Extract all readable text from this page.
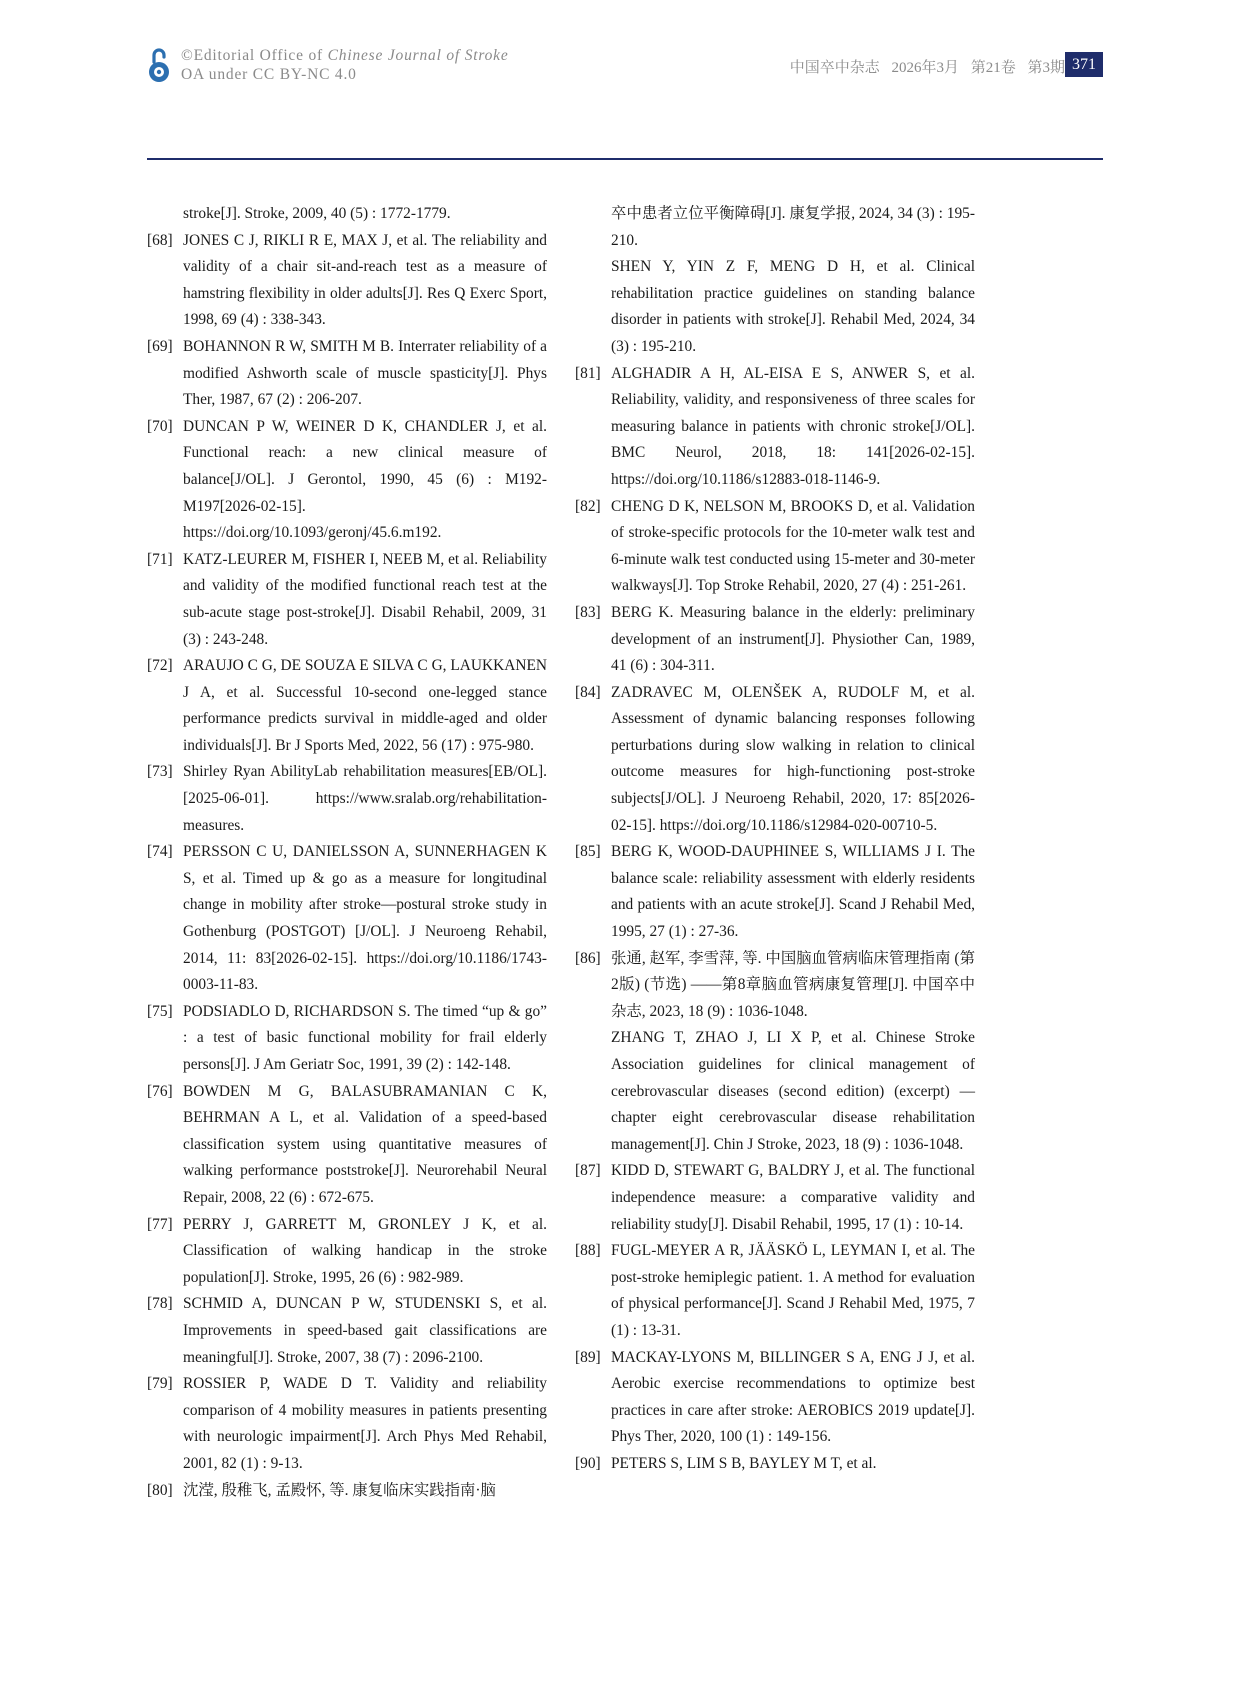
©Editorial Office of Chinese Journal of Stroke
OA under CC BY-NC 4.0	中国卒中杂志 2026年3月 第21卷 第3期 371
stroke[J]. Stroke, 2009, 40 (5) : 1772-1779.
[68] JONES C J, RIKLI R E, MAX J, et al. The reliability and validity of a chair sit-and-reach test as a measure of hamstring flexibility in older adults[J]. Res Q Exerc Sport, 1998, 69 (4) : 338-343.
[69] BOHANNON R W, SMITH M B. Interrater reliability of a modified Ashworth scale of muscle spasticity[J]. Phys Ther, 1987, 67 (2) : 206-207.
[70] DUNCAN P W, WEINER D K, CHANDLER J, et al. Functional reach: a new clinical measure of balance[J/OL]. J Gerontol, 1990, 45 (6) : M192-M197[2026-02-15]. https://doi.org/10.1093/geronj/45.6.m192.
[71] KATZ-LEURER M, FISHER I, NEEB M, et al. Reliability and validity of the modified functional reach test at the sub-acute stage post-stroke[J]. Disabil Rehabil, 2009, 31 (3) : 243-248.
[72] ARAUJO C G, DE SOUZA E SILVA C G, LAUKKANEN J A, et al. Successful 10-second one-legged stance performance predicts survival in middle-aged and older individuals[J]. Br J Sports Med, 2022, 56 (17) : 975-980.
[73] Shirley Ryan AbilityLab rehabilitation measures[EB/OL]. [2025-06-01]. https://www.sralab.org/rehabilitation-measures.
[74] PERSSON C U, DANIELSSON A, SUNNERHAGEN K S, et al. Timed up & go as a measure for longitudinal change in mobility after stroke—postural stroke study in Gothenburg (POSTGOT) [J/OL]. J Neuroeng Rehabil, 2014, 11: 83[2026-02-15]. https://doi.org/10.1186/1743-0003-11-83.
[75] PODSIADLO D, RICHARDSON S. The timed “up & go” : a test of basic functional mobility for frail elderly persons[J]. J Am Geriatr Soc, 1991, 39 (2) : 142-148.
[76] BOWDEN M G, BALASUBRAMANIAN C K, BEHRMAN A L, et al. Validation of a speed-based classification system using quantitative measures of walking performance poststroke[J]. Neurorehabil Neural Repair, 2008, 22 (6) : 672-675.
[77] PERRY J, GARRETT M, GRONLEY J K, et al. Classification of walking handicap in the stroke population[J]. Stroke, 1995, 26 (6) : 982-989.
[78] SCHMID A, DUNCAN P W, STUDENSKI S, et al. Improvements in speed-based gait classifications are meaningful[J]. Stroke, 2007, 38 (7) : 2096-2100.
[79] ROSSIER P, WADE D T. Validity and reliability comparison of 4 mobility measures in patients presenting with neurologic impairment[J]. Arch Phys Med Rehabil, 2001, 82 (1) : 9-13.
[80] 沈滢, 殷稚飞, 孟殿怀, 等. 康复临床实践指南·脑
卒中患者立位平衡障碍[J]. 康复学报, 2024, 34 (3) : 195-210.
SHEN Y, YIN Z F, MENG D H, et al. Clinical rehabilitation practice guidelines on standing balance disorder in patients with stroke[J]. Rehabil Med, 2024, 34 (3) : 195-210.
[81] ALGHADIR A H, AL-EISA E S, ANWER S, et al. Reliability, validity, and responsiveness of three scales for measuring balance in patients with chronic stroke[J/OL]. BMC Neurol, 2018, 18: 141[2026-02-15]. https://doi.org/10.1186/s12883-018-1146-9.
[82] CHENG D K, NELSON M, BROOKS D, et al. Validation of stroke-specific protocols for the 10-meter walk test and 6-minute walk test conducted using 15-meter and 30-meter walkways[J]. Top Stroke Rehabil, 2020, 27 (4) : 251-261.
[83] BERG K. Measuring balance in the elderly: preliminary development of an instrument[J]. Physiother Can, 1989, 41 (6) : 304-311.
[84] ZADRAVEC M, OLENŠEK A, RUDOLF M, et al. Assessment of dynamic balancing responses following perturbations during slow walking in relation to clinical outcome measures for high-functioning post-stroke subjects[J/OL]. J Neuroeng Rehabil, 2020, 17: 85[2026-02-15]. https://doi.org/10.1186/s12984-020-00710-5.
[85] BERG K, WOOD-DAUPHINEE S, WILLIAMS J I. The balance scale: reliability assessment with elderly residents and patients with an acute stroke[J]. Scand J Rehabil Med, 1995, 27 (1) : 27-36.
[86] 张通, 赵军, 李雪萍, 等. 中国脑血管病临床管理指南 (第2版) (节选) ——第8章脑血管病康复管理[J]. 中国卒中杂志, 2023, 18 (9) : 1036-1048.
ZHANG T, ZHAO J, LI X P, et al. Chinese Stroke Association guidelines for clinical management of cerebrovascular diseases (second edition) (excerpt) —chapter eight cerebrovascular disease rehabilitation management[J]. Chin J Stroke, 2023, 18 (9) : 1036-1048.
[87] KIDD D, STEWART G, BALDRY J, et al. The functional independence measure: a comparative validity and reliability study[J]. Disabil Rehabil, 1995, 17 (1) : 10-14.
[88] FUGL-MEYER A R, JÄÄSKÖ L, LEYMAN I, et al. The post-stroke hemiplegic patient. 1. A method for evaluation of physical performance[J]. Scand J Rehabil Med, 1975, 7 (1) : 13-31.
[89] MACKAY-LYONS M, BILLINGER S A, ENG J J, et al. Aerobic exercise recommendations to optimize best practices in care after stroke: AEROBICS 2019 update[J]. Phys Ther, 2020, 100 (1) : 149-156.
[90] PETERS S, LIM S B, BAYLEY M T, et al.
